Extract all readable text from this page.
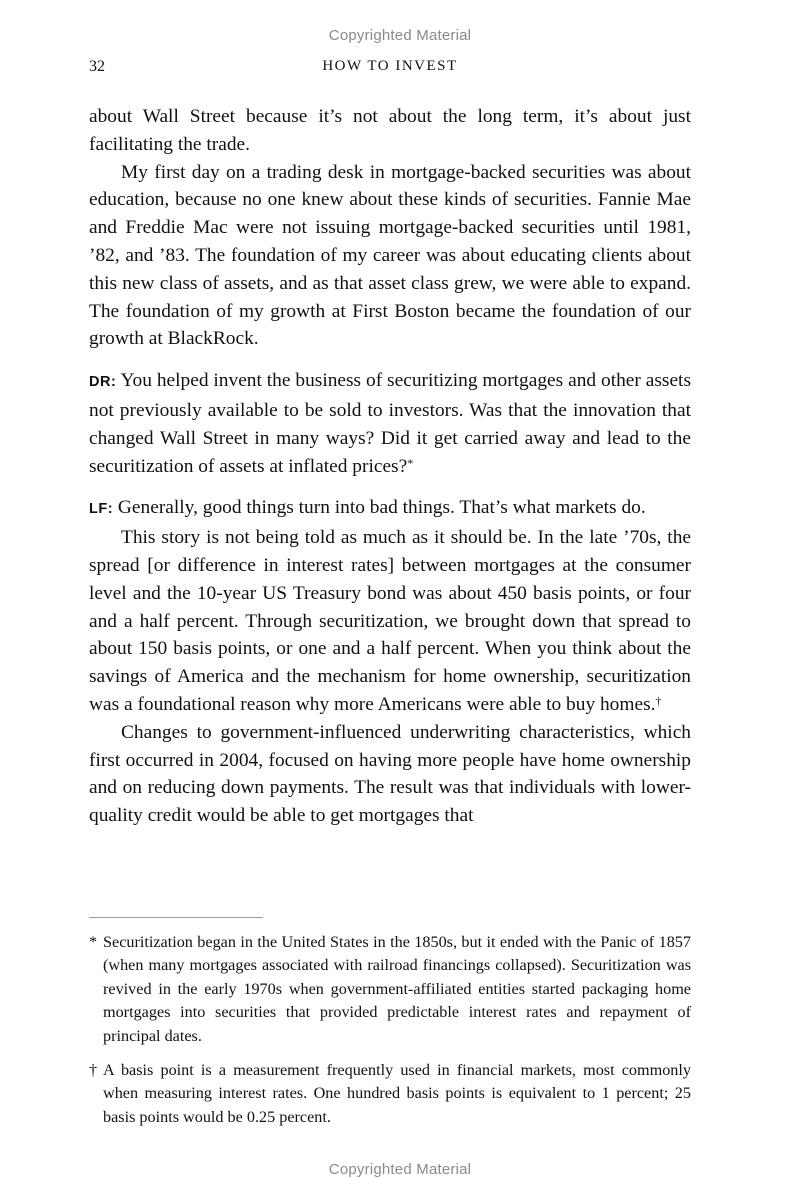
Copyrighted Material
32	HOW TO INVEST

about Wall Street because it’s not about the long term, it’s about just facilitating the trade.

My first day on a trading desk in mortgage-backed securities was about education, because no one knew about these kinds of securities. Fannie Mae and Freddie Mac were not issuing mortgage-backed securities until 1981, ’82, and ’83. The foundation of my career was about educating clients about this new class of assets, and as that asset class grew, we were able to expand. The foundation of my growth at First Boston became the foundation of our growth at BlackRock.

DR: You helped invent the business of securitizing mortgages and other assets not previously available to be sold to investors. Was that the innovation that changed Wall Street in many ways? Did it get carried away and lead to the securitization of assets at inflated prices?*

LF: Generally, good things turn into bad things. That’s what markets do.

This story is not being told as much as it should be. In the late ’70s, the spread [or difference in interest rates] between mortgages at the consumer level and the 10-year US Treasury bond was about 450 basis points, or four and a half percent. Through securitization, we brought down that spread to about 150 basis points, or one and a half percent. When you think about the savings of America and the mechanism for home ownership, securitization was a foundational reason why more Americans were able to buy homes.†

Changes to government-influenced underwriting characteristics, which first occurred in 2004, focused on having more people have home ownership and on reducing down payments. The result was that individuals with lower-quality credit would be able to get mortgages that

* Securitization began in the United States in the 1850s, but it ended with the Panic of 1857 (when many mortgages associated with railroad financings collapsed). Securitization was revived in the early 1970s when government-affiliated entities started packaging home mortgages into securities that provided predictable interest rates and repayment of principal dates.

† A basis point is a measurement frequently used in financial markets, most commonly when measuring interest rates. One hundred basis points is equivalent to 1 percent; 25 basis points would be 0.25 percent.

Copyrighted Material
